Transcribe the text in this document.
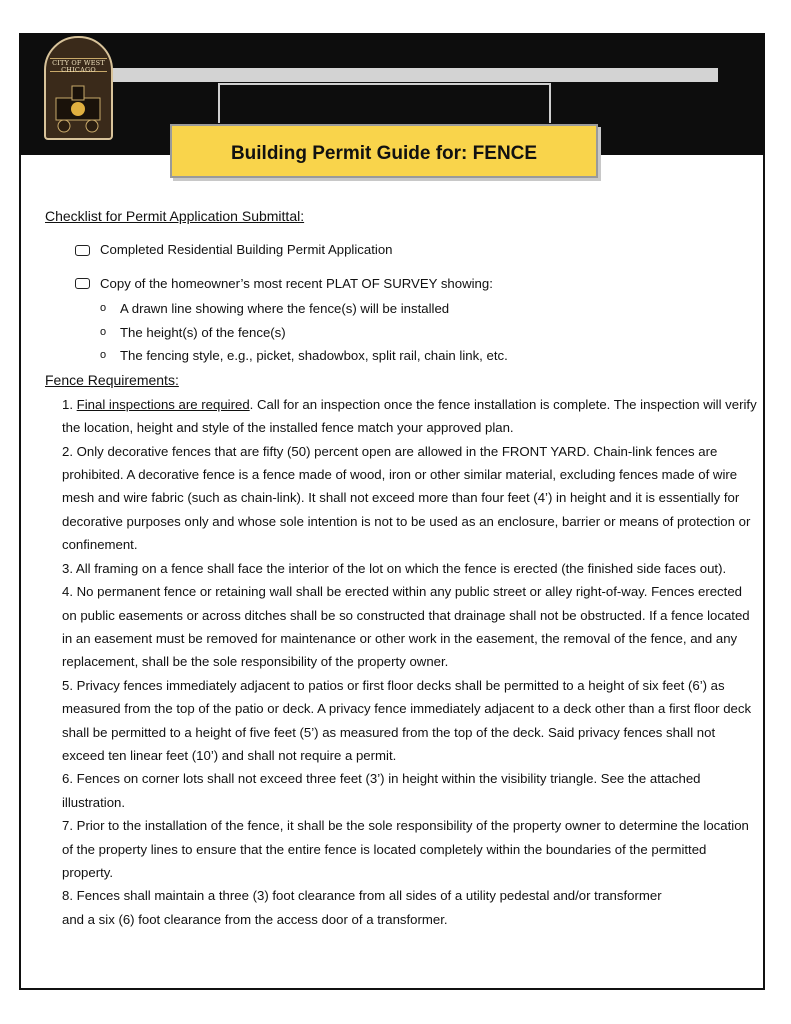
CITY OF WEST CHICAGO
Building Permit Guide for: FENCE

Checklist for Permit Application Submittal:

Completed Residential Building Permit Application
Copy of the homeowner’s most recent PLAT OF SURVEY showing:
o	A drawn line showing where the fence(s) will be installed
o	The height(s) of the fence(s)
o	The fencing style, e.g., picket, shadowbox, split rail, chain link, etc.

Fence Requirements:

1. Final inspections are required. Call for an inspection once the fence installation is complete. The inspection will verify the location, height and style of the installed fence match your approved plan.

2. Only decorative fences that are fifty (50) percent open are allowed in the FRONT YARD. Chain-link fences are prohibited. A decorative fence is a fence made of wood, iron or other similar material, excluding fences made of wire mesh and wire fabric (such as chain-link). It shall not exceed more than four feet (4’) in height and it is essentially for decorative purposes only and whose sole intention is not to be used as an enclosure, barrier or means of protection or confinement.

3. All framing on a fence shall face the interior of the lot on which the fence is erected (the finished side faces out).

4. No permanent fence or retaining wall shall be erected within any public street or alley right-of-way. Fences erected on public easements or across ditches shall be so constructed that drainage shall not be obstructed. If a fence located in an easement must be removed for maintenance or other work in the easement, the removal of the fence, and any replacement, shall be the sole responsibility of the property owner.

5. Privacy fences immediately adjacent to patios or first floor decks shall be permitted to a height of six feet (6’) as measured from the top of the patio or deck. A privacy fence immediately adjacent to a deck other than a first floor deck shall be permitted to a height of five feet (5’) as measured from the top of the deck. Said privacy fences shall not exceed ten linear feet (10’) and shall not require a permit.

6. Fences on corner lots shall not exceed three feet (3’) in height within the visibility triangle. See the attached illustration.

7. Prior to the installation of the fence, it shall be the sole responsibility of the property owner to determine the location of the property lines to ensure that the entire fence is located completely within the boundaries of the permitted property.

8. Fences shall maintain a three (3) foot clearance from all sides of a utility pedestal and/or transformer

and a six (6) foot clearance from the access door of a transformer.
